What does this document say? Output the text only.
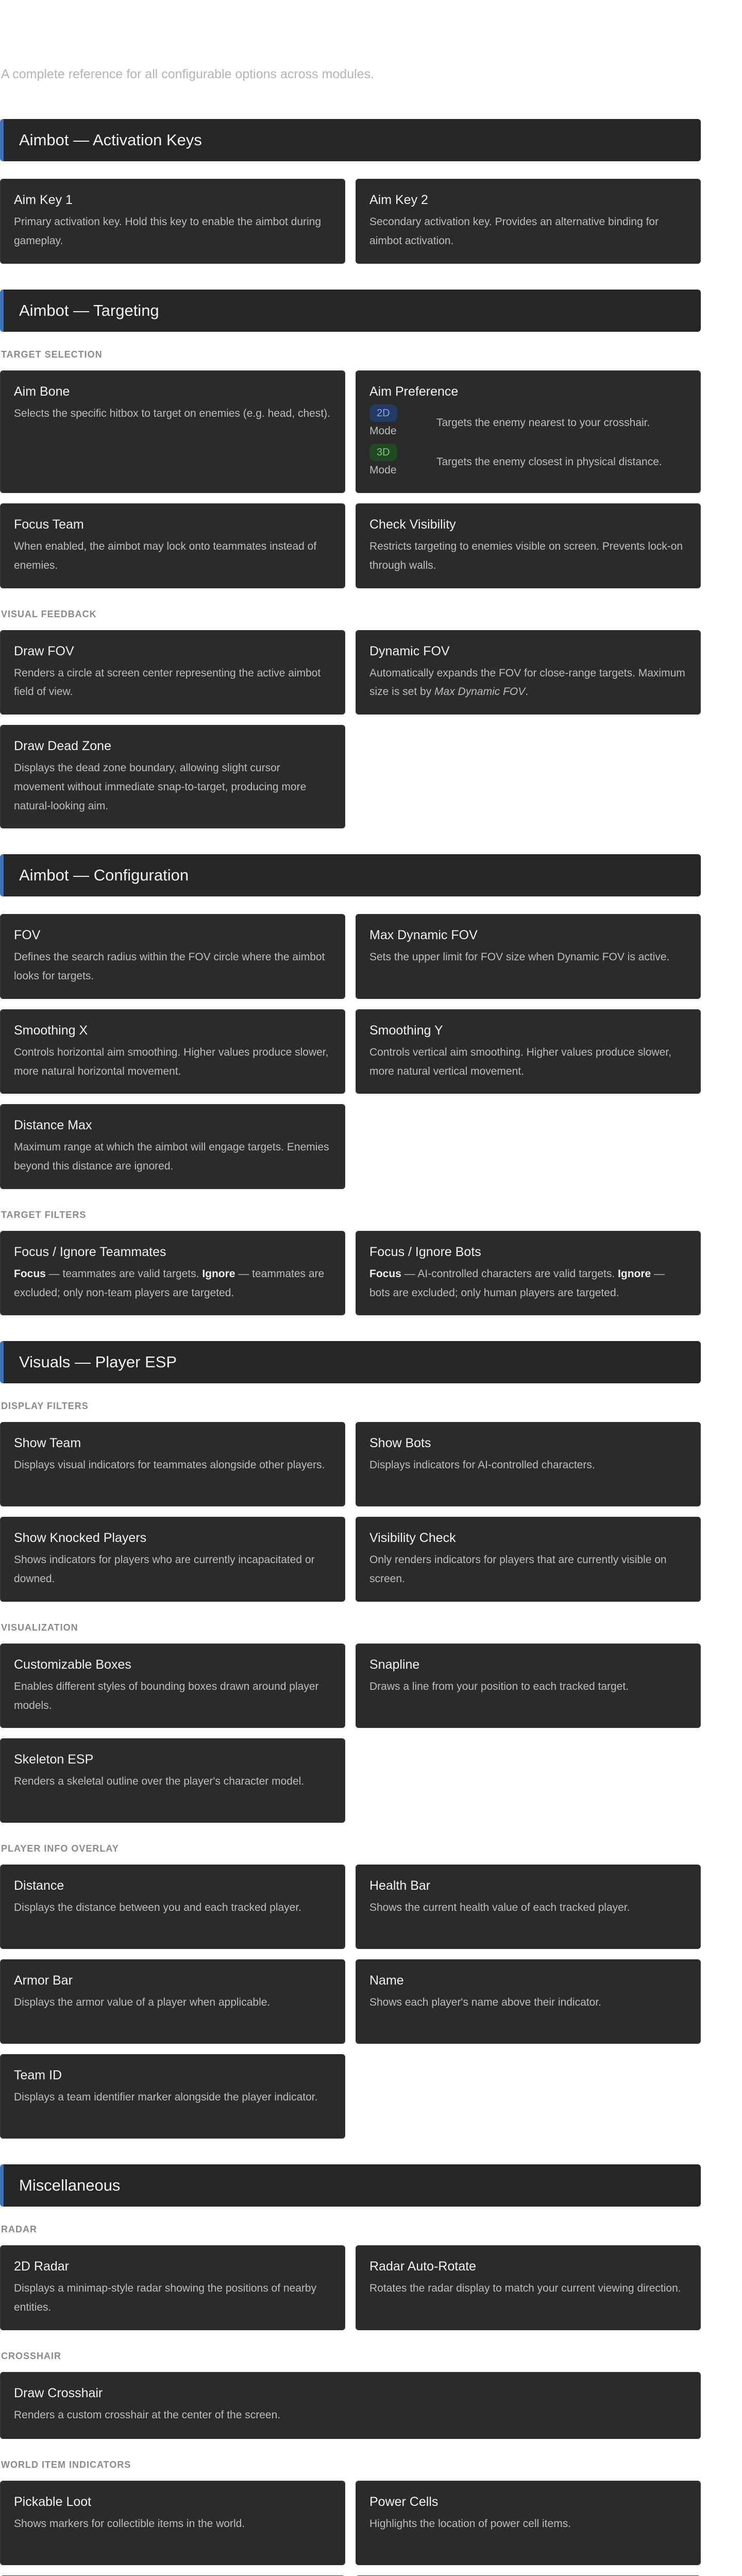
A complete reference for all configurable options across modules.

Aimbot — Activation Keys
Aim Key 1
Primary activation key. Hold this key to enable the aimbot during gameplay.
Aim Key 2
Secondary activation key. Provides an alternative binding for aimbot activation.
Aimbot — Targeting
TARGET SELECTION
Aim Bone
Selects the specific hitbox to target on enemies (e.g. head, chest).
Aim Preference
2D
Mode
Targets the enemy nearest to your crosshair.
3D
Mode
Targets the enemy closest in physical distance.
Focus Team
When enabled, the aimbot may lock onto teammates instead of enemies.
Check Visibility
Restricts targeting to enemies visible on screen. Prevents lock-on through walls.
VISUAL FEEDBACK
Draw FOV
Renders a circle at screen center representing the active aimbot field of view.
Dynamic FOV
Automatically expands the FOV for close-range targets. Maximum size is set by Max Dynamic FOV.
Draw Dead Zone
Displays the dead zone boundary, allowing slight cursor movement without immediate snap-to-target, producing more natural-looking aim.
Aimbot — Configuration
FOV
Defines the search radius within the FOV circle where the aimbot looks for targets.
Max Dynamic FOV
Sets the upper limit for FOV size when Dynamic FOV is active.
Smoothing X
Controls horizontal aim smoothing. Higher values produce slower, more natural horizontal movement.
Smoothing Y
Controls vertical aim smoothing. Higher values produce slower, more natural vertical movement.
Distance Max
Maximum range at which the aimbot will engage targets. Enemies beyond this distance are ignored.
TARGET FILTERS
Focus / Ignore Teammates
Focus — teammates are valid targets. Ignore — teammates are excluded; only non-team players are targeted.
Focus / Ignore Bots
Focus — AI-controlled characters are valid targets. Ignore — bots are excluded; only human players are targeted.
Visuals — Player ESP
DISPLAY FILTERS
Show Team
Displays visual indicators for teammates alongside other players.
Show Bots
Displays indicators for AI-controlled characters.
Show Knocked Players
Shows indicators for players who are currently incapacitated or downed.
Visibility Check
Only renders indicators for players that are currently visible on screen.
VISUALIZATION
Customizable Boxes
Enables different styles of bounding boxes drawn around player models.
Snapline
Draws a line from your position to each tracked target.
Skeleton ESP
Renders a skeletal outline over the player's character model.
PLAYER INFO OVERLAY
Distance
Displays the distance between you and each tracked player.
Health Bar
Shows the current health value of each tracked player.
Armor Bar
Displays the armor value of a player when applicable.
Name
Shows each player's name above their indicator.
Team ID
Displays a team identifier marker alongside the player indicator.
Miscellaneous
RADAR
2D Radar
Displays a minimap-style radar showing the positions of nearby entities.
Radar Auto-Rotate
Rotates the radar display to match your current viewing direction.
CROSSHAIR
Draw Crosshair
Renders a custom crosshair at the center of the screen.
WORLD ITEM INDICATORS
Pickable Loot
Shows markers for collectible items in the world.
Power Cells
Highlights the location of power cell items.
